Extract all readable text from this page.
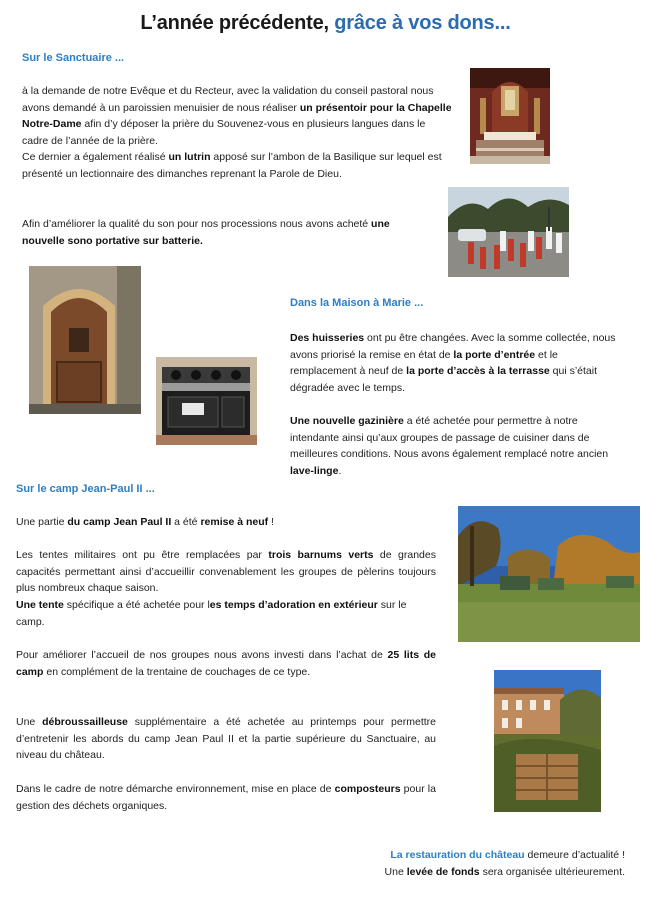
L’année précédente, grâce à vos dons...
Sur le Sanctuaire ...
à la demande de notre Evêque et du Recteur, avec la validation du conseil pastoral nous avons demandé à un paroissien menuisier de nous réaliser un présentoir pour la Chapelle Notre-Dame afin d’y déposer la prière du Souvenez-vous en plusieurs langues dans le cadre de l’année de la prière.
Ce dernier a également réalisé un lutrin apposé sur l’ambon de la Basilique sur lequel est présenté un lectionnaire des dimanches reprenant la Parole de Dieu.
Afin d’améliorer la qualité du son pour nos processions nous avons acheté une nouvelle sono portative sur batterie.
Dans la Maison à Marie ...
Des huisseries ont pu être changées. Avec la somme collectée, nous avons priorisé la remise en état de la porte d’entrée et le remplacement à neuf de la porte d’accès à la terrasse qui s’était dégradée avec le temps.
Une nouvelle gazinière a été achetée pour permettre à notre intendante ainsi qu’aux groupes de passage de cuisiner dans de meilleures conditions. Nous avons également remplacé notre ancien lave-linge.
Sur le camp Jean-Paul II ...
Une partie du camp Jean Paul II a été remise à neuf !
Les tentes militaires ont pu être remplacées par trois barnums verts de grandes capacités permettant ainsi d’accueillir convenablement les groupes de pèlerins toujours plus nombreux chaque saison.
Une tente spécifique a été achetée pour les temps d’adoration en extérieur sur le camp.
Pour améliorer l’accueil de nos groupes nous avons investi dans l’achat de 25 lits de camp en complément de la trentaine de couchages de ce type.
Une débroussailleuse supplémentaire a été achetée au printemps pour permettre d’entretenir les abords du camp Jean Paul II et la partie supérieure du Sanctuaire, au niveau du château.
Dans le cadre de notre démarche environnement, mise en place de composteurs pour la gestion des déchets organiques.
La restauration du château demeure d’actualité !
Une levée de fonds sera organisée ultérieurement.
